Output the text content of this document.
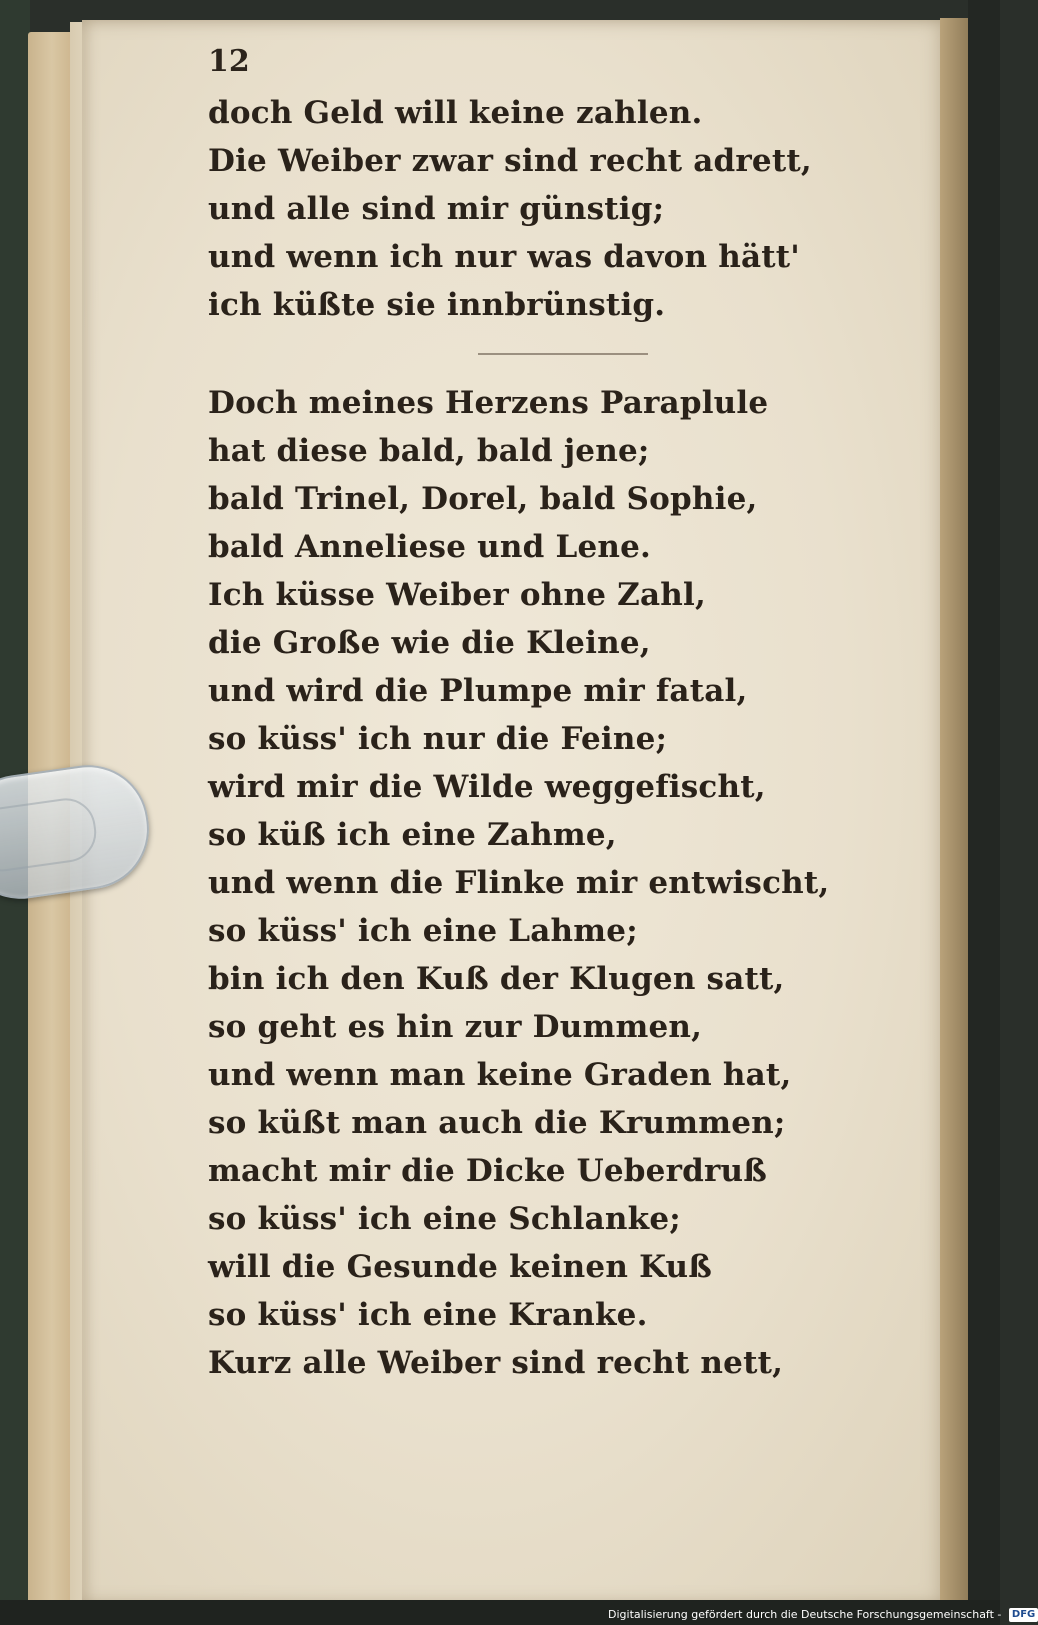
12
doch Geld will keine zahlen.
Die Weiber zwar sind recht adrett,
und alle sind mir günstig;
und wenn ich nur was davon hätt'
ich küßte sie innbrünstig.
Doch meines Herzens Paraplule
hat diese bald, bald jene;
bald Trinel, Dorel, bald Sophie,
bald Anneliese und Lene.
Ich küsse Weiber ohne Zahl,
die Große wie die Kleine,
und wird die Plumpe mir fatal,
so küss' ich nur die Feine;
wird mir die Wilde weggefischt,
so küß ich eine Zahme,
und wenn die Flinke mir entwischt,
so küss' ich eine Lahme;
bin ich den Kuß der Klugen satt,
so geht es hin zur Dummen,
und wenn man keine Graden hat,
so küßt man auch die Krummen;
macht mir die Dicke Ueberdruß
so küss' ich eine Schlanke;
will die Gesunde keinen Kuß
so küss' ich eine Kranke.
Kurz alle Weiber sind recht nett,
Digitalisierung gefördert durch die Deutsche Forschungsgemeinschaft - DFG
